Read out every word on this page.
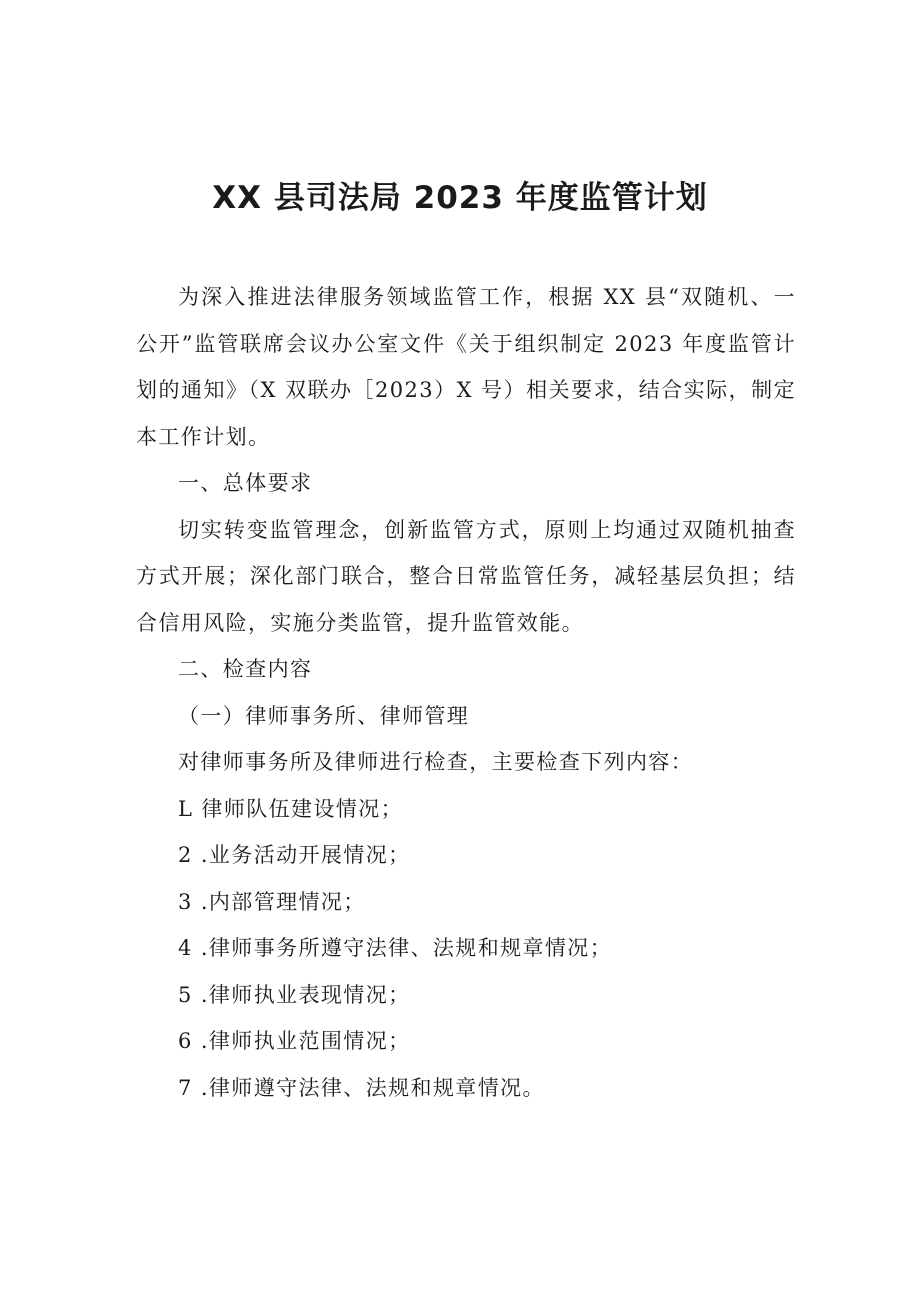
XX 县司法局 2023 年度监管计划

为深入推进法律服务领域监管工作，根据 XX 县“双随机、一公开”监管联席会议办公室文件《关于组织制定 2023 年度监管计划的通知》（X 双联办［2023）X 号）相关要求，结合实际，制定本工作计划。

一、总体要求

切实转变监管理念，创新监管方式，原则上均通过双随机抽查方式开展；深化部门联合，整合日常监管任务，减轻基层负担；结合信用风险，实施分类监管，提升监管效能。

二、检查内容

（一）律师事务所、律师管理

对律师事务所及律师进行检查，主要检查下列内容：

L 律师队伍建设情况；

2 .业务活动开展情况；

3 .内部管理情况；

4 .律师事务所遵守法律、法规和规章情况；

5 .律师执业表现情况；

6 .律师执业范围情况；

7 .律师遵守法律、法规和规章情况。
